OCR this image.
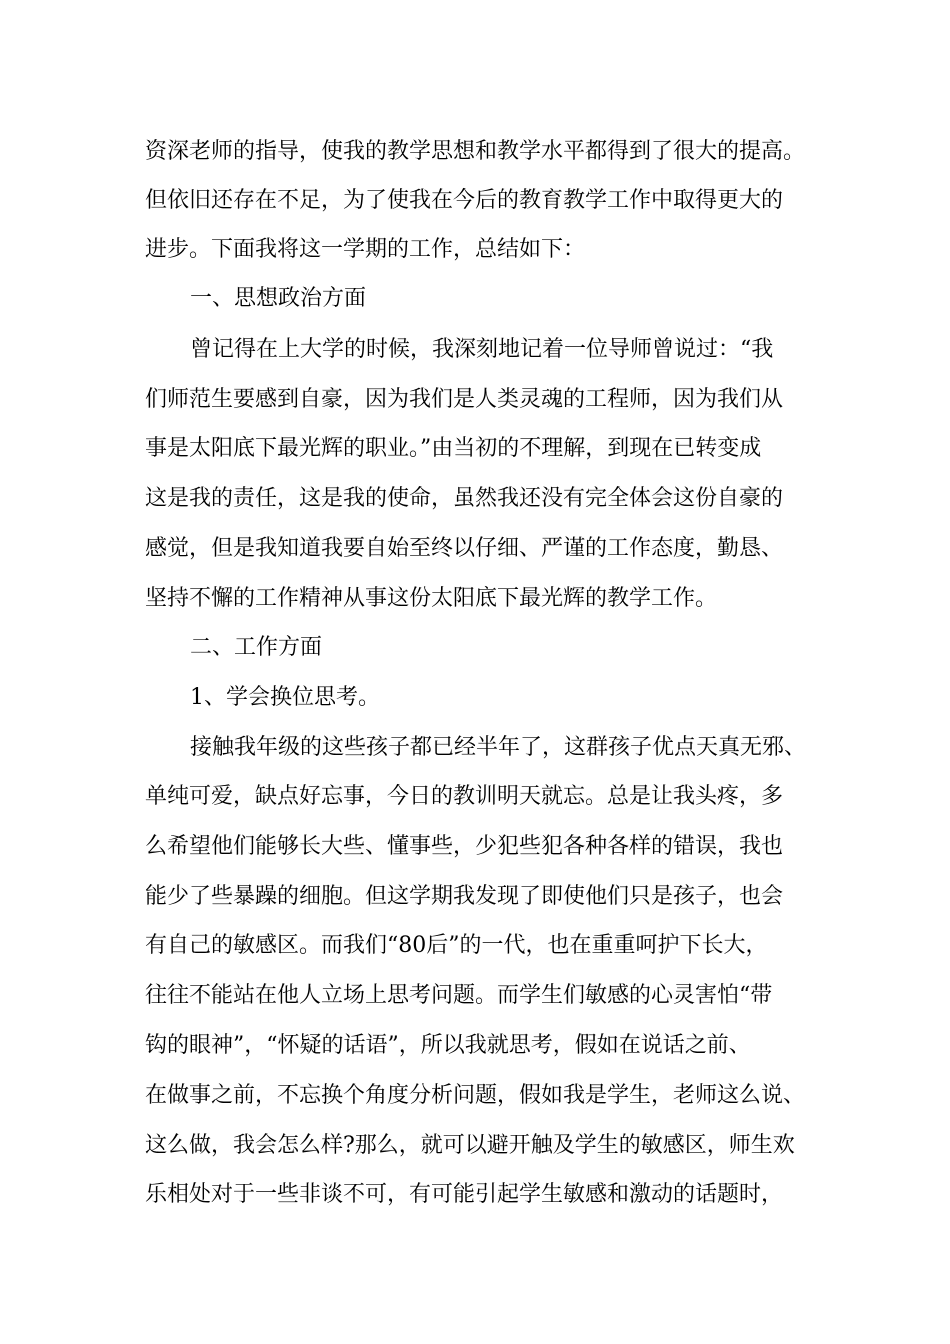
资深老师的指导，使我的教学思想和教学水平都得到了很大的提高。

但依旧还存在不足，为了使我在今后的教育教学工作中取得更大的

进步。下面我将这一学期的工作，总结如下：

一、思想政治方面

曾记得在上大学的时候，我深刻地记着一位导师曾说过：“我

们师范生要感到自豪，因为我们是人类灵魂的工程师，因为我们从

事是太阳底下最光辉的职业。”由当初的不理解，到现在已转变成

这是我的责任，这是我的使命，虽然我还没有完全体会这份自豪的

感觉，但是我知道我要自始至终以仔细、严谨的工作态度，勤恳、

坚持不懈的工作精神从事这份太阳底下最光辉的教学工作。

二、工作方面

1、学会换位思考。

接触我年级的这些孩子都已经半年了，这群孩子优点天真无邪、

单纯可爱，缺点好忘事，今日的教训明天就忘。总是让我头疼，多

么希望他们能够长大些、懂事些，少犯些犯各种各样的错误，我也

能少了些暴躁的细胞。但这学期我发现了即使他们只是孩子，也会

有自己的敏感区。而我们“80后”的一代，也在重重呵护下长大，

往往不能站在他人立场上思考问题。而学生们敏感的心灵害怕“带

钩的眼神”，“怀疑的话语”，所以我就思考，假如在说话之前、

在做事之前，不忘换个角度分析问题，假如我是学生，老师这么说、

这么做，我会怎么样?那么，就可以避开触及学生的敏感区，师生欢

乐相处对于一些非谈不可，有可能引起学生敏感和激动的话题时，
